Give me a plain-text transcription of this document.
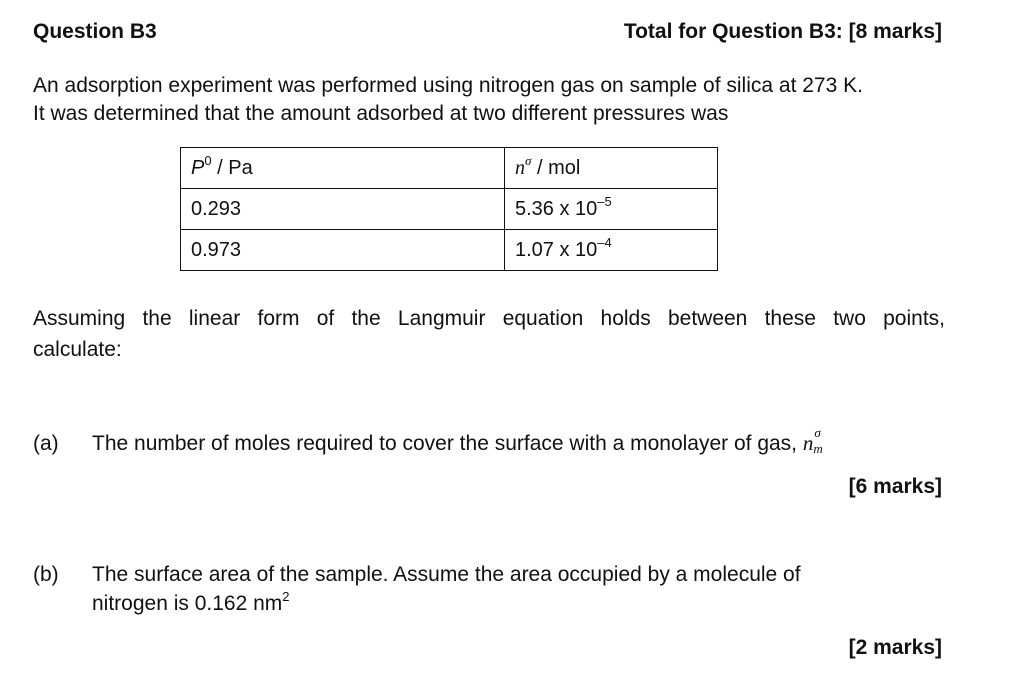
Question B3	Total for Question B3: [8 marks]
An adsorption experiment was performed using nitrogen gas on sample of silica at 273 K.
It was determined that the amount adsorbed at two different pressures was
$P^0$ / Pa	$n^\sigma$ / mol
0.293	5.36 x $10^{-5}$
0.973	1.07 x $10^{-4}$
Assuming the linear form of the Langmuir equation holds between these two points,
calculate:
(a) The number of moles required to cover the surface with a monolayer of gas, n σ
m
[6 marks]
(b) The surface area of the sample. Assume the area occupied by a molecule of
nitrogen is 0.162 $nm^2$
[2 marks]
